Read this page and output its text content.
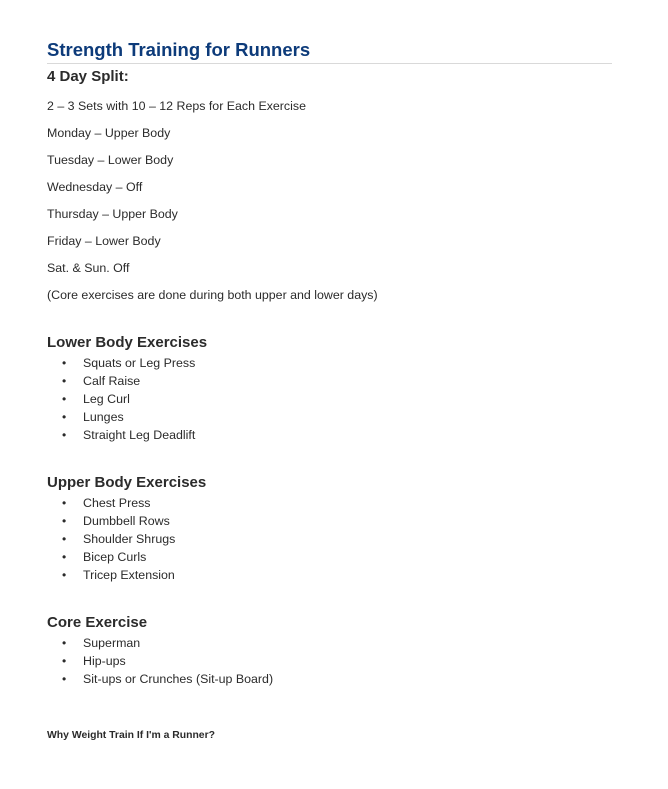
Strength Training for Runners
4 Day Split:
2 – 3 Sets with 10 – 12 Reps for Each Exercise
Monday – Upper Body
Tuesday – Lower Body
Wednesday – Off
Thursday – Upper Body
Friday – Lower Body
Sat. & Sun. Off
(Core exercises are done during both upper and lower days)
Lower Body Exercises
•	Squats or Leg Press
•	Calf Raise
•	Leg Curl
•	Lunges
•	Straight Leg Deadlift
Upper Body Exercises
•	Chest Press
•	Dumbbell Rows
•	Shoulder Shrugs
•	Bicep Curls
•	Tricep Extension
Core Exercise
•	Superman
•	Hip-ups
•	Sit-ups or Crunches (Sit-up Board)
Why Weight Train If I'm a Runner?
